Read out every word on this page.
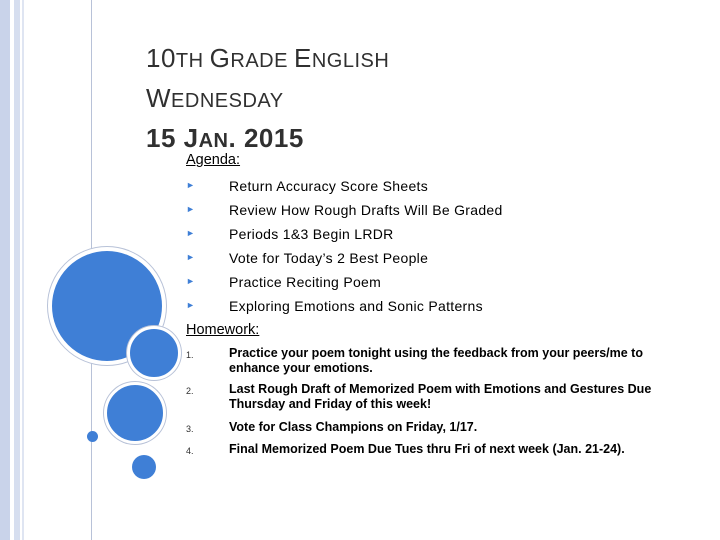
10TH GRADE ENGLISH
WEDNESDAY
15 JAN. 2015
Agenda:
► Return Accuracy Score Sheets
► Review How Rough Drafts Will Be Graded
► Periods 1&3 Begin LRDR
► Vote for Today’s 2 Best People
► Practice Reciting Poem
► Exploring Emotions and Sonic Patterns
Homework:
1.	Practice your poem tonight using the feedback from your peers/me to enhance your emotions.
2.	Last Rough Draft of Memorized Poem with Emotions and Gestures Due Thursday and Friday of this week!
3.	Vote for Class Champions on Friday, 1/17.
4.	Final Memorized Poem Due Tues thru Fri of next week (Jan. 21-24).
